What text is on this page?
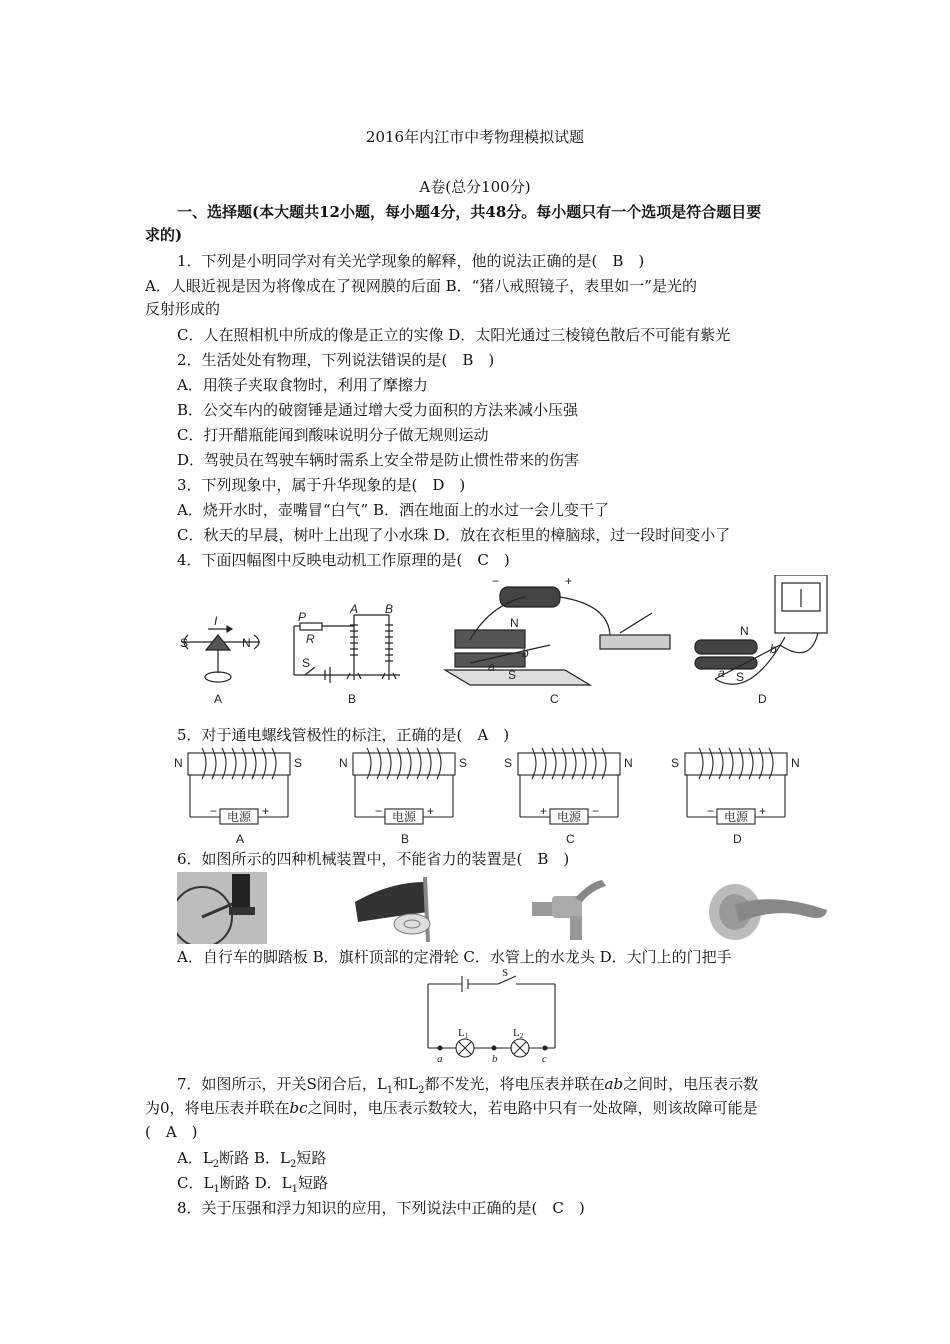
2016年内江市中考物理模拟试题
A卷(总分100分)
一、选择题(本大题共12小题，每小题4分，共48分。每小题只有一个选项是符合题目要
求的)
1．下列是小明同学对有关光学现象的解释，他的说法正确的是(　B　)
A．人眼近视是因为将像成在了视网膜的后面 B．“猪八戒照镜子，表里如一”是光的
反射形成的
C．人在照相机中所成的像是正立的实像 D．太阳光通过三棱镜色散后不可能有紫光
2．生活处处有物理，下列说法错误的是(　B　)
A．用筷子夹取食物时，利用了摩擦力
B．公交车内的破窗锤是通过增大受力面积的方法来减小压强
C．打开醋瓶能闻到酸味说明分子做无规则运动
D．驾驶员在驾驶车辆时需系上安全带是防止惯性带来的伤害
3．下列现象中，属于升华现象的是(　D　)
A．烧开水时，壶嘴冒“白气” B．洒在地面上的水过一会儿变干了
C．秋天的早晨，树叶上出现了小水珠 D．放在衣柜里的樟脑球，过一段时间变小了
4．下面四幅图中反映电动机工作原理的是(　C　)
S	N
I	P
R
S
A B
N
S
−	+
a
b
N
S
a
b
A	B	C	D
5．对于通电螺线管极性的标注，正确的是(　A　)
电源
N	S
−	+
A
电源
N	S
−	+
B
电源
S	N
+	−
C
电源
S	N
−	+
D
6．如图所示的四种机械装置中，不能省力的装置是(　B　)
A．自行车的脚踏板 B．旗杆顶部的定滑轮 C．水管上的水龙头 D．大门上的门把手
S
L1	L2
a	b	c
7．如图所示，开关S闭合后，$L_1$和$L_2$都不发光，将电压表并联在ab之间时，电压表示数
为0，将电压表并联在bc之间时，电压表示数较大，若电路中只有一处故障，则该故障可能是
(　A　)
A．$L_2$断路 B．$L_2$短路
C．$L_1$断路 D．$L_1$短路
8．关于压强和浮力知识的应用，下列说法中正确的是(　C　)
